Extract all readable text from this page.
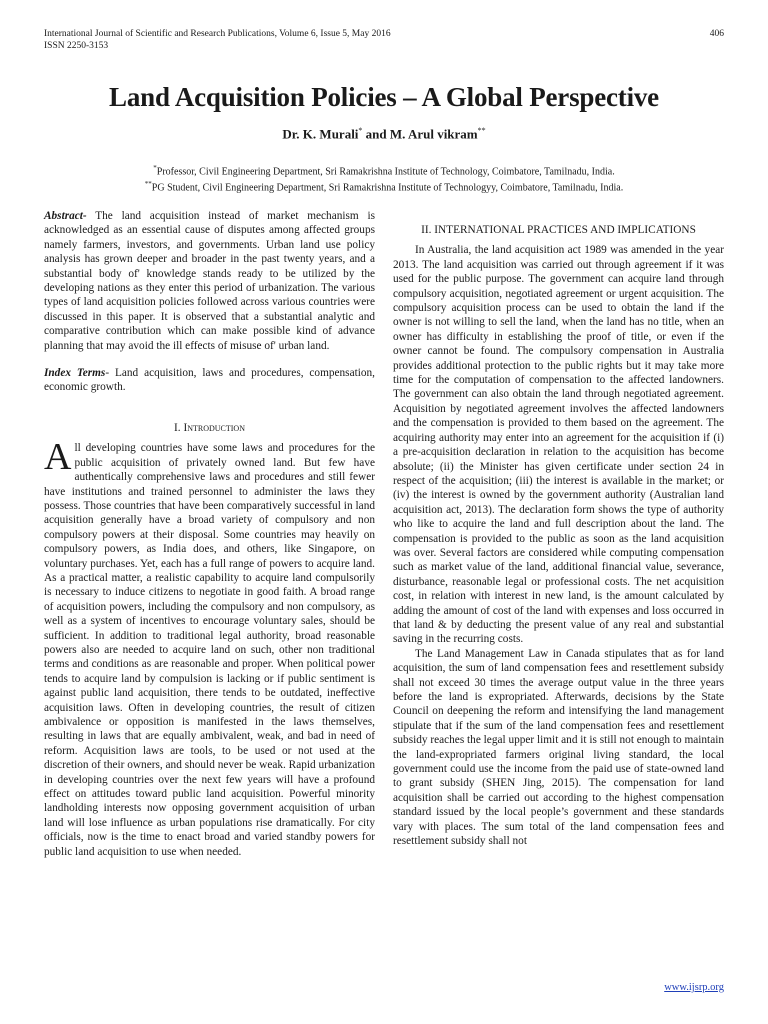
International Journal of Scientific and Research Publications, Volume 6, Issue 5, May 2016
ISSN 2250-3153
406
Land Acquisition Policies – A Global Perspective
Dr. K. Murali* and M. Arul vikram**
*Professor, Civil Engineering Department, Sri Ramakrishna Institute of Technology, Coimbatore, Tamilnadu, India.
**PG Student, Civil Engineering Department, Sri Ramakrishna Institute of Technologyy, Coimbatore, Tamilnadu, India.

Abstract- The land acquisition instead of market mechanism is acknowledged as an essential cause of disputes among affected groups namely farmers, investors, and governments. Urban land use policy analysis has grown deeper and broader in the past twenty years, and a substantial body of' knowledge stands ready to be utilized by the developing nations as they enter this period of urbanization. The various types of land acquisition policies followed across various countries were discussed in this paper. It is observed that a substantial analytic and comparative contribution which can make possible kind of advance planning that may avoid the ill effects of misuse of' urban land.

Index Terms- Land acquisition, laws and procedures, compensation, economic growth.

I. Introduction

All developing countries have some laws and procedures for the public acquisition of privately owned land. But few have authentically comprehensive laws and procedures and still fewer have institutions and trained personnel to administer the laws they possess. Those countries that have been comparatively successful in land acquisition generally have a broad variety of compulsory and non compulsory powers at their disposal. Some countries may heavily on compulsory powers, as India does, and others, like Singapore, on voluntary purchases. Yet, each has a full range of powers to acquire land. As a practical matter, a realistic capability to acquire land compulsorily is necessary to induce citizens to negotiate in good faith. A broad range of acquisition powers, including the compulsory and non compulsory, as well as a system of incentives to encourage voluntary sales, should be sufficient. In addition to traditional legal authority, broad reasonable powers also are needed to acquire land on such, other non traditional terms and conditions as are reasonable and proper. When political power tends to acquire land by compulsion is lacking or if public sentiment is against public land acquisition, there tends to be outdated, ineffective acquisition laws. Often in developing countries, the result of citizen ambivalence or opposition is manifested in the laws themselves, resulting in laws that are equally ambivalent, weak, and bad in need of reform. Acquisition laws are tools, to be used or not used at the discretion of their owners, and should never be weak. Rapid urbanization in developing countries over the next few years will have a profound effect on attitudes toward public land acquisition. Powerful minority landholding interests now opposing government acquisition of urban land will lose influence as urban populations rise dramatically. For city officials, now is the time to enact broad and varied standby powers for public land acquisition to use when needed.

II. INTERNATIONAL PRACTICES AND IMPLICATIONS

In Australia, the land acquisition act 1989 was amended in the year 2013. The land acquisition was carried out through agreement if it was used for the public purpose. The government can acquire land through compulsory acquisition, negotiated agreement or urgent acquisition. The compulsory acquisition process can be used to obtain the land if the owner is not willing to sell the land, when the land has no title, when an owner has difficulty in establishing the proof of title, or even if the owner cannot be found. The compulsory compensation in Australia provides additional protection to the public rights but it may take more time for the computation of compensation to the affected landowners. The government can also obtain the land through negotiated agreement. Acquisition by negotiated agreement involves the affected landowners and the compensation is provided to them based on the agreement. The acquiring authority may enter into an agreement for the acquisition if (i) a pre-acquisition declaration in relation to the acquisition has become absolute; (ii) the Minister has given certificate under section 24 in respect of the acquisition; (iii) the interest is available in the market; or (iv) the interest is owned by the government authority (Australian land acquisition act, 2013). The declaration form shows the type of authority who like to acquire the land and full description about the land. The compensation is provided to the public as soon as the land acquisition was over. Several factors are considered while computing compensation such as market value of the land, additional financial value, severance, disturbance, reasonable legal or professional costs. The net acquisition cost, in relation with interest in new land, is the amount calculated by adding the amount of cost of the land with expenses and loss occurred in that land & by deducting the present value of any real and substantial saving in the recurring costs.

The Land Management Law in Canada stipulates that as for land acquisition, the sum of land compensation fees and resettlement subsidy shall not exceed 30 times the average output value in the three years before the land is expropriated. Afterwards, decisions by the State Council on deepening the reform and intensifying the land management stipulate that if the sum of the land compensation fees and resettlement subsidy reaches the legal upper limit and it is still not enough to maintain the land-expropriated farmers original living standard, the local government could use the income from the paid use of state-owned land to grant subsidy (SHEN Jing, 2015). The compensation for land acquisition shall be carried out according to the highest compensation standard issued by the local people’s government and these standards vary with places. The sum total of the land compensation fees and resettlement subsidy shall not

www.ijsrp.org
